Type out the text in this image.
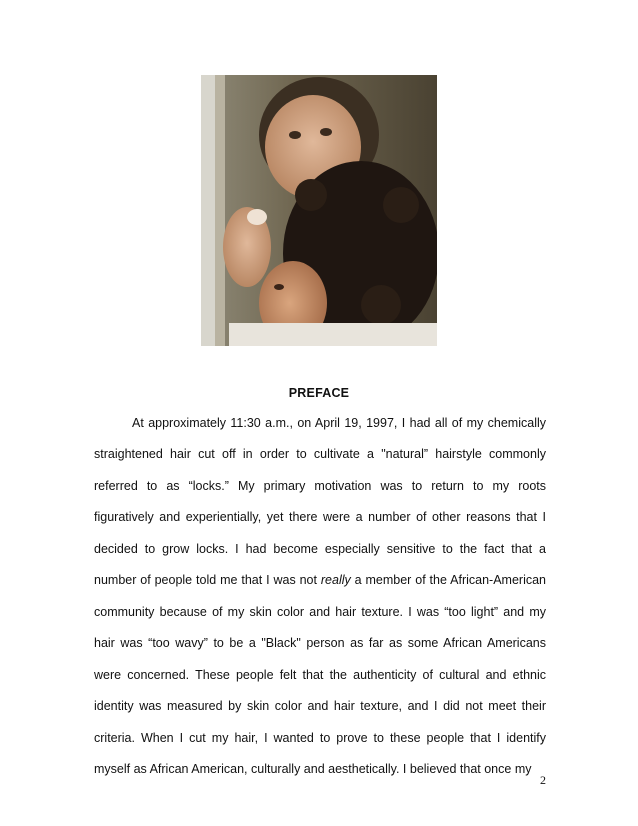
PREFACE
At approximately 11:30 a.m., on April 19, 1997, I had all of my chemically
straightened hair cut off in order to cultivate a "natural” hairstyle commonly
referred to as “locks.” My primary motivation was to return to my roots
figuratively and experientially, yet there were a number of other reasons that I
decided to grow locks. I had become especially sensitive to the fact that a
number of people told me that I was not really a member of the African-American
community because of my skin color and hair texture. I was “too light” and my
hair was “too wavy” to be a "Black" person as far as some African Americans
were concerned. These people felt that the authenticity of cultural and ethnic
identity was measured by skin color and hair texture, and I did not meet their
criteria. When I cut my hair, I wanted to prove to these people that I identify
myself as African American, culturally and aesthetically. I believed that once my
2
